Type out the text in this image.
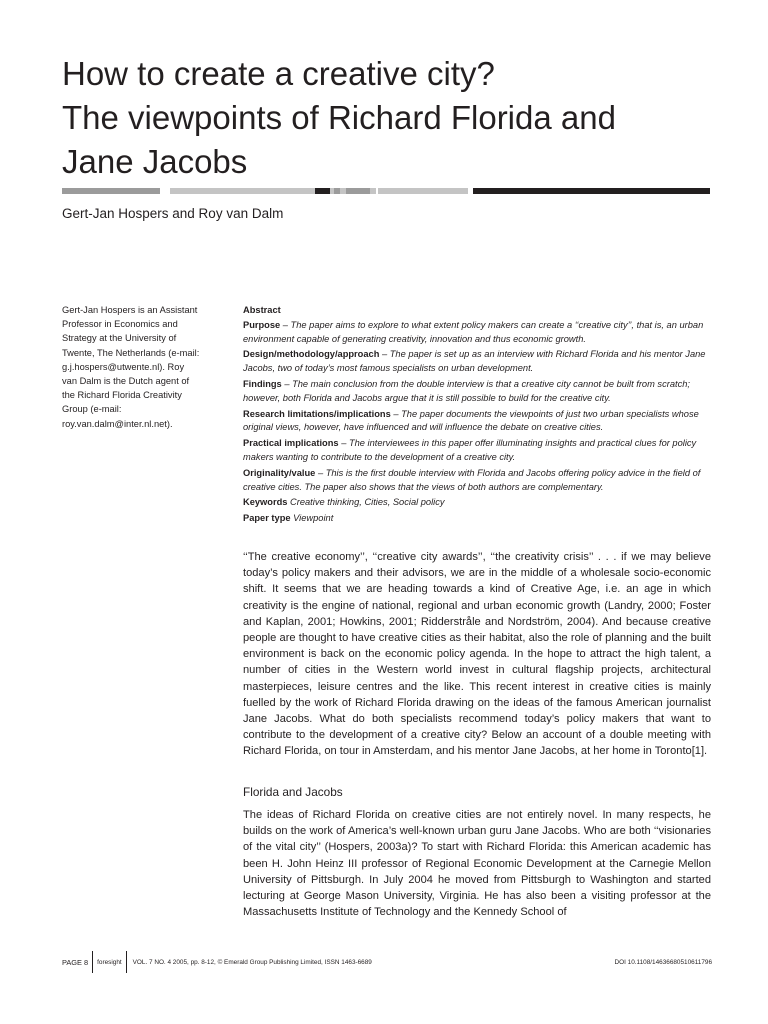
How to create a creative city?
The viewpoints of Richard Florida and
Jane Jacobs
Gert-Jan Hospers and Roy van Dalm
Gert-Jan Hospers is an Assistant
Professor in Economics and
Strategy at the University of
Twente, The Netherlands (e-mail:
g.j.hospers@utwente.nl). Roy
van Dalm is the Dutch agent of
the Richard Florida Creativity
Group (e-mail:
roy.van.dalm@inter.nl.net).
Abstract
Purpose – The paper aims to explore to what extent policy makers can create a ‘‘creative city’’, that is, an urban environment capable of generating creativity, innovation and thus economic growth.
Design/methodology/approach – The paper is set up as an interview with Richard Florida and his mentor Jane Jacobs, two of today’s most famous specialists on urban development.
Findings – The main conclusion from the double interview is that a creative city cannot be built from scratch; however, both Florida and Jacobs argue that it is still possible to build for the creative city.
Research limitations/implications – The paper documents the viewpoints of just two urban specialists whose original views, however, have influenced and will influence the debate on creative cities.
Practical implications – The interviewees in this paper offer illuminating insights and practical clues for policy makers wanting to contribute to the development of a creative city.
Originality/value – This is the first double interview with Florida and Jacobs offering policy advice in the field of creative cities. The paper also shows that the views of both authors are complementary.
Keywords Creative thinking, Cities, Social policy
Paper type Viewpoint

‘‘The creative economy’’, ‘‘creative city awards’’, ‘‘the creativity crisis’’ . . . if we may believe today’s policy makers and their advisors, we are in the middle of a wholesale socio-economic shift. It seems that we are heading towards a kind of Creative Age, i.e. an age in which creativity is the engine of national, regional and urban economic growth (Landry, 2000; Foster and Kaplan, 2001; Howkins, 2001; Ridderstråle and Nordström, 2004). And because creative people are thought to have creative cities as their habitat, also the role of planning and the built environment is back on the economic policy agenda. In the hope to attract the high talent, a number of cities in the Western world invest in cultural flagship projects, architectural masterpieces, leisure centres and the like. This recent interest in creative cities is mainly fuelled by the work of Richard Florida drawing on the ideas of the famous American journalist Jane Jacobs. What do both specialists recommend today’s policy makers that want to contribute to the development of a creative city? Below an account of a double meeting with Richard Florida, on tour in Amsterdam, and his mentor Jane Jacobs, at her home in Toronto[1].

Florida and Jacobs

The ideas of Richard Florida on creative cities are not entirely novel. In many respects, he builds on the work of America’s well-known urban guru Jane Jacobs. Who are both ‘‘visionaries of the vital city’’ (Hospers, 2003a)? To start with Richard Florida: this American academic has been H. John Heinz III professor of Regional Economic Development at the Carnegie Mellon University of Pittsburgh. In July 2004 he moved from Pittsburgh to Washington and started lecturing at George Mason University, Virginia. He has also been a visiting professor at the Massachusetts Institute of Technology and the Kennedy School of

PAGE 8 foresight VOL. 7 NO. 4 2005, pp. 8-12, © Emerald Group Publishing Limited, ISSN 1463-6689	DOI 10.1108/14636680510611796
